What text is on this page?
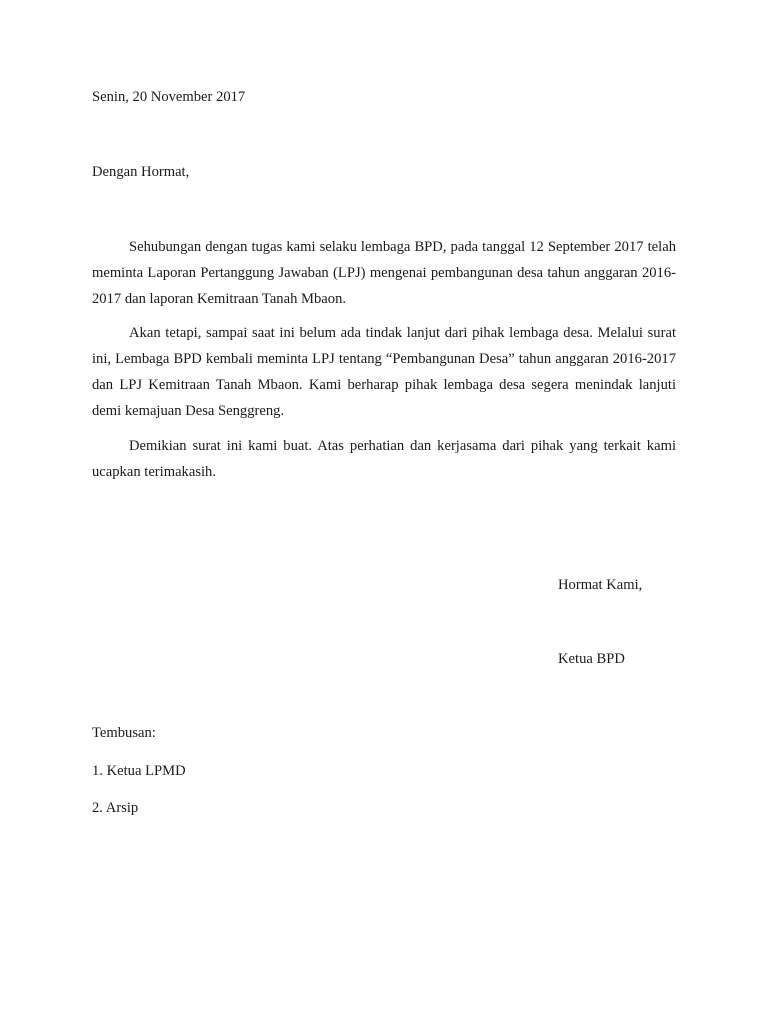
Senin, 20 November 2017
Dengan Hormat,
Sehubungan dengan tugas kami selaku lembaga BPD, pada tanggal 12 September 2017 telah meminta Laporan Pertanggung Jawaban (LPJ) mengenai pembangunan desa tahun anggaran 2016-2017 dan laporan Kemitraan Tanah Mbaon.
Akan tetapi, sampai saat ini belum ada tindak lanjut dari pihak lembaga desa. Melalui surat ini, Lembaga BPD kembali meminta LPJ tentang “Pembangunan Desa” tahun anggaran 2016-2017 dan LPJ Kemitraan Tanah Mbaon. Kami berharap pihak lembaga desa segera menindak lanjuti demi kemajuan Desa Senggreng.
Demikian surat ini kami buat. Atas perhatian dan kerjasama dari pihak yang terkait kami ucapkan terimakasih.
Hormat Kami,
Ketua BPD
Tembusan:
1. Ketua LPMD
2. Arsip
